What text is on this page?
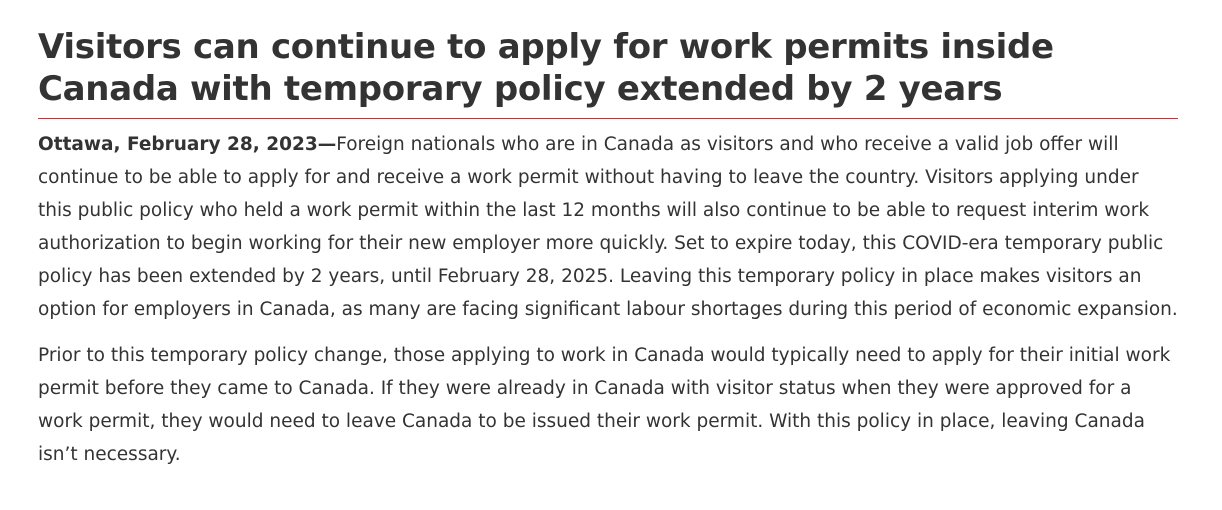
Visitors can continue to apply for work permits inside Canada with temporary policy extended by 2 years

Ottawa, February 28, 2023—Foreign nationals who are in Canada as visitors and who receive a valid job offer will continue to be able to apply for and receive a work permit without having to leave the country. Visitors applying under this public policy who held a work permit within the last 12 months will also continue to be able to request interim work authorization to begin working for their new employer more quickly. Set to expire today, this COVID-era temporary public policy has been extended by 2 years, until February 28, 2025. Leaving this temporary policy in place makes visitors an option for employers in Canada, as many are facing significant labour shortages during this period of economic expansion.

Prior to this temporary policy change, those applying to work in Canada would typically need to apply for their initial work permit before they came to Canada. If they were already in Canada with visitor status when they were approved for a work permit, they would need to leave Canada to be issued their work permit. With this policy in place, leaving Canada isn’t necessary.
